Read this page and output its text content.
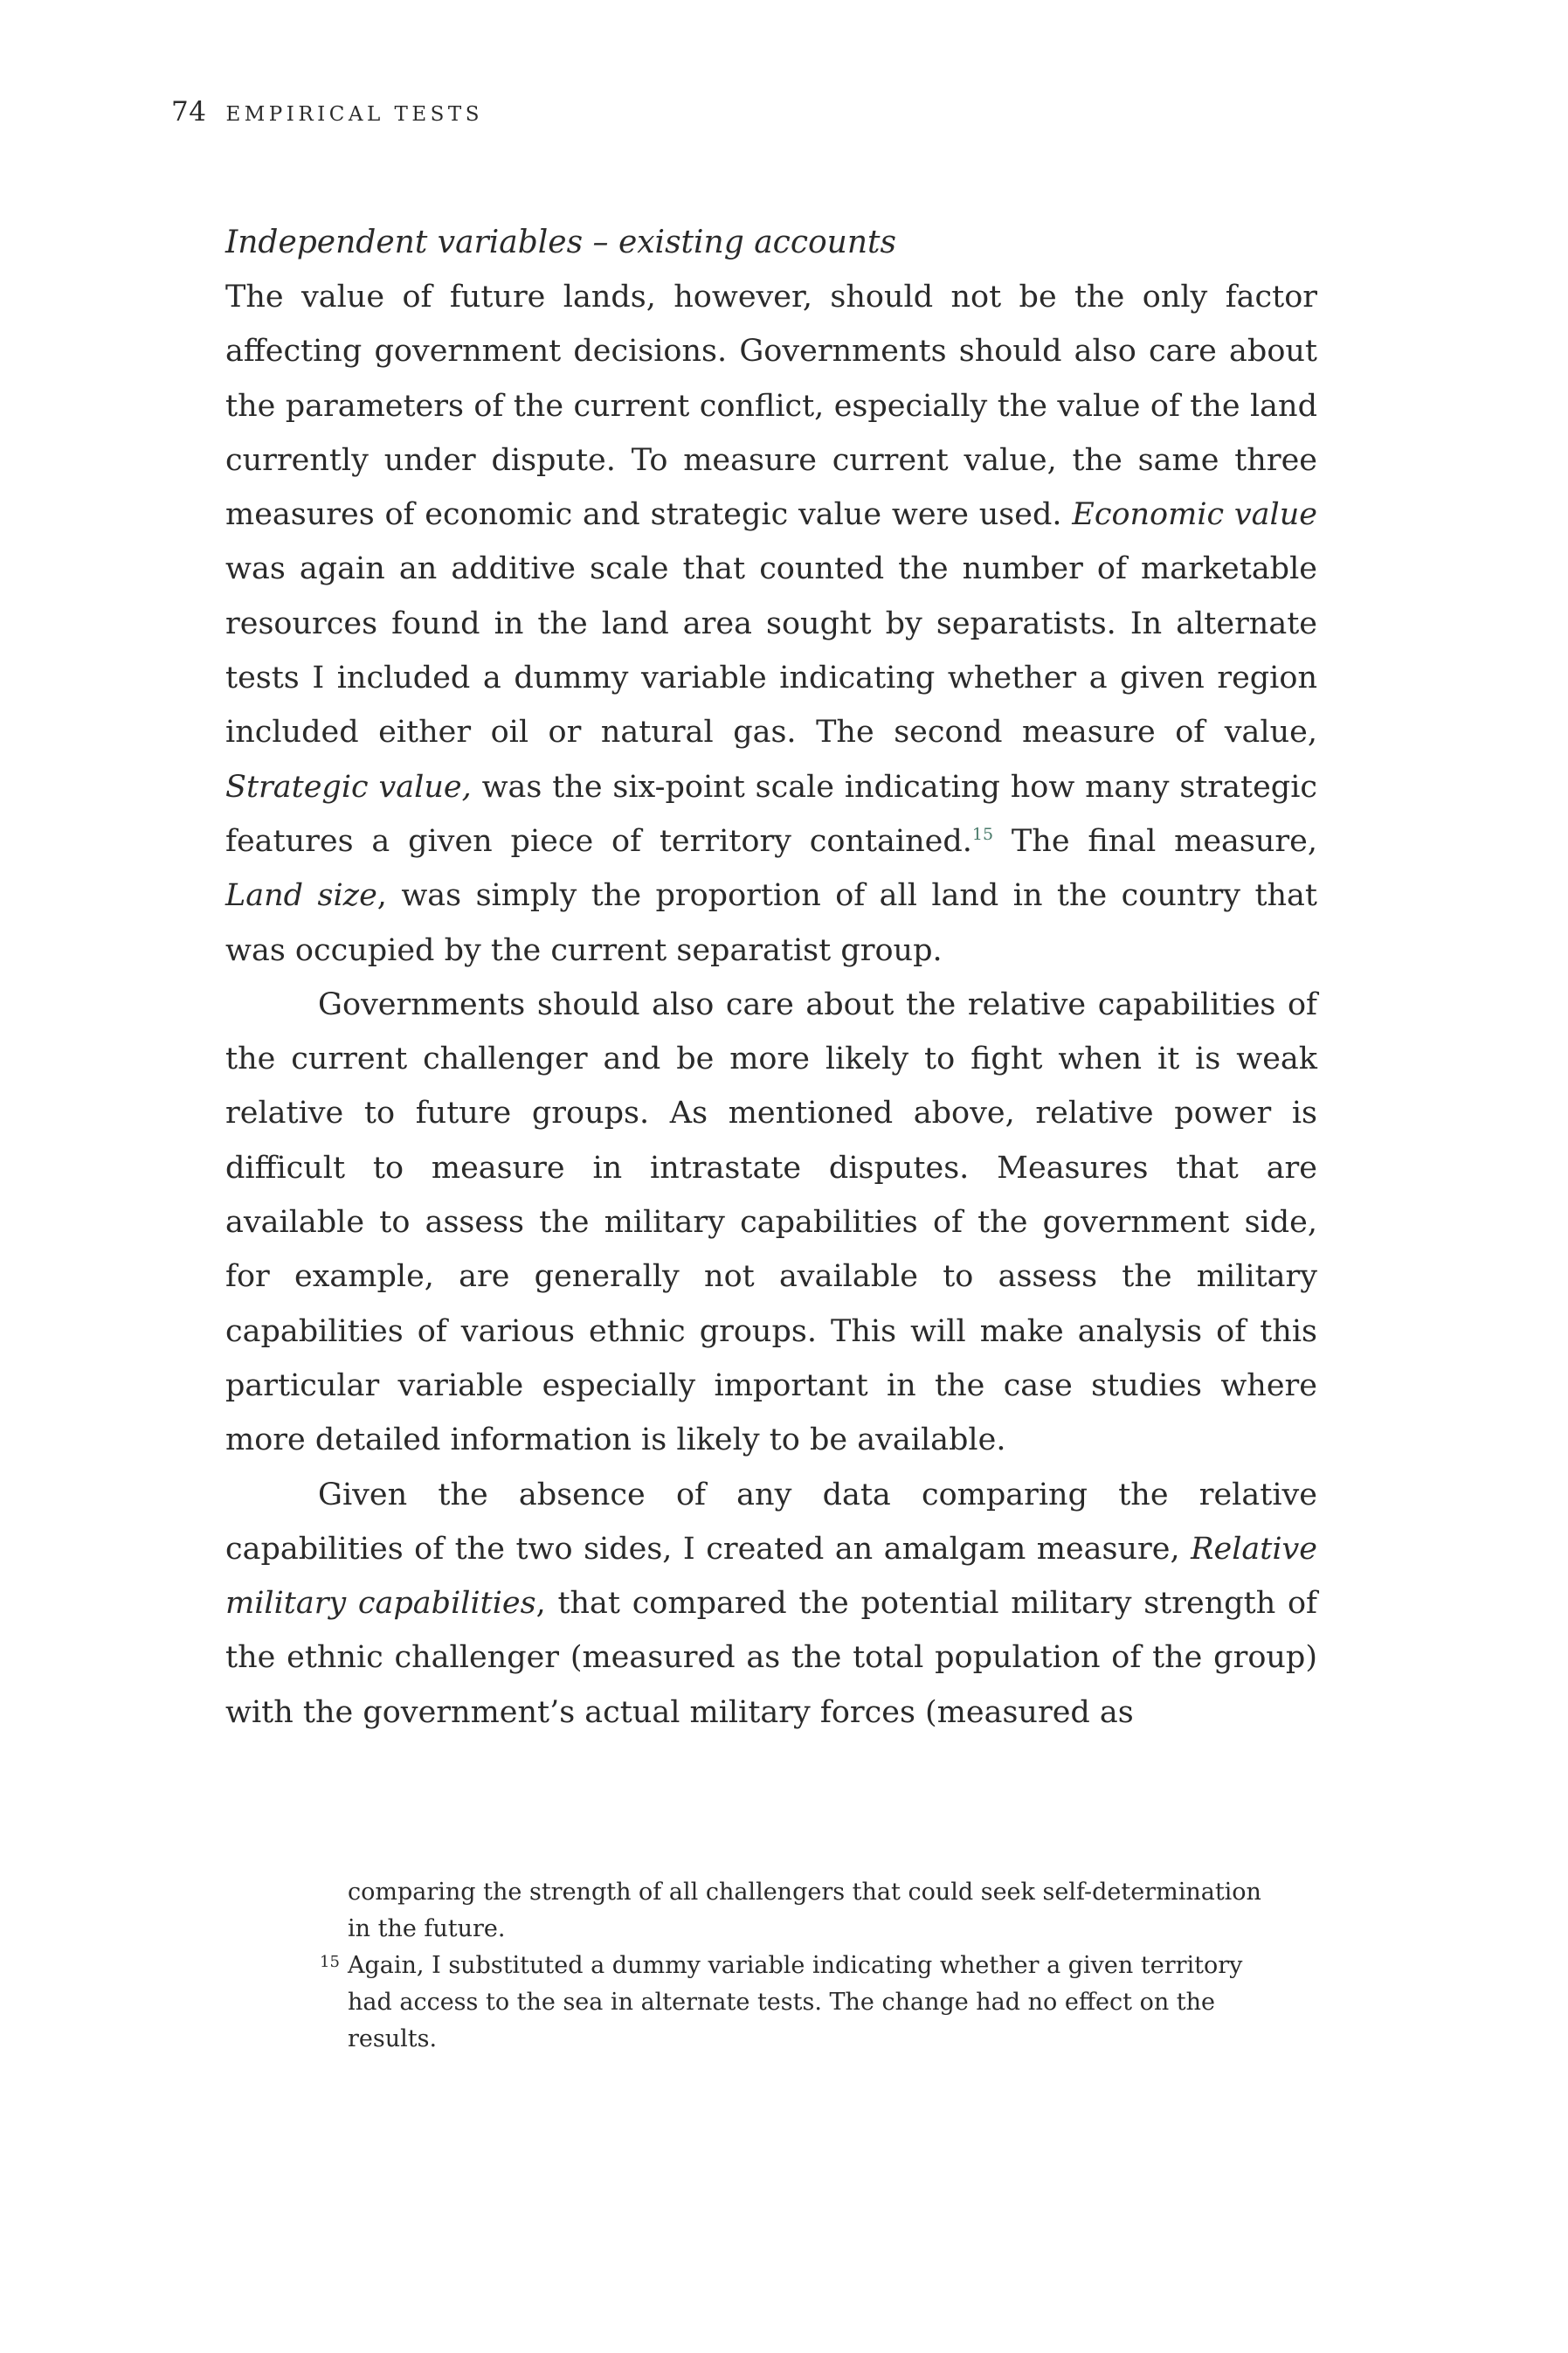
74 EMPIRICAL TESTS
Independent variables – existing accounts

The value of future lands, however, should not be the only factor affecting government decisions. Governments should also care about the parameters of the current conflict, especially the value of the land currently under dispute. To measure current value, the same three measures of economic and strategic value were used. Economic value was again an additive scale that counted the number of marketable resources found in the land area sought by separatists. In alternate tests I included a dummy variable indicating whether a given region included either oil or natural gas. The second measure of value, Strategic value, was the six-point scale indicating how many strategic features a given piece of territory contained.$^{15}$ The final measure, Land size, was simply the proportion of all land in the country that was occupied by the current separatist group.

Governments should also care about the relative capabilities of the current challenger and be more likely to fight when it is weak relative to future groups. As mentioned above, relative power is difficult to measure in intrastate disputes. Measures that are available to assess the military capabilities of the government side, for example, are generally not available to assess the military capabilities of various ethnic groups. This will make analysis of this particular variable especially important in the case studies where more detailed information is likely to be available.

Given the absence of any data comparing the relative capabilities of the two sides, I created an amalgam measure, Relative military capabilities, that compared the potential military strength of the ethnic challenger (measured as the total population of the group) with the government’s actual military forces (measured as

comparing the strength of all challengers that could seek self-determination in the future.

15 Again, I substituted a dummy variable indicating whether a given territory had access to the sea in alternate tests. The change had no effect on the results.
